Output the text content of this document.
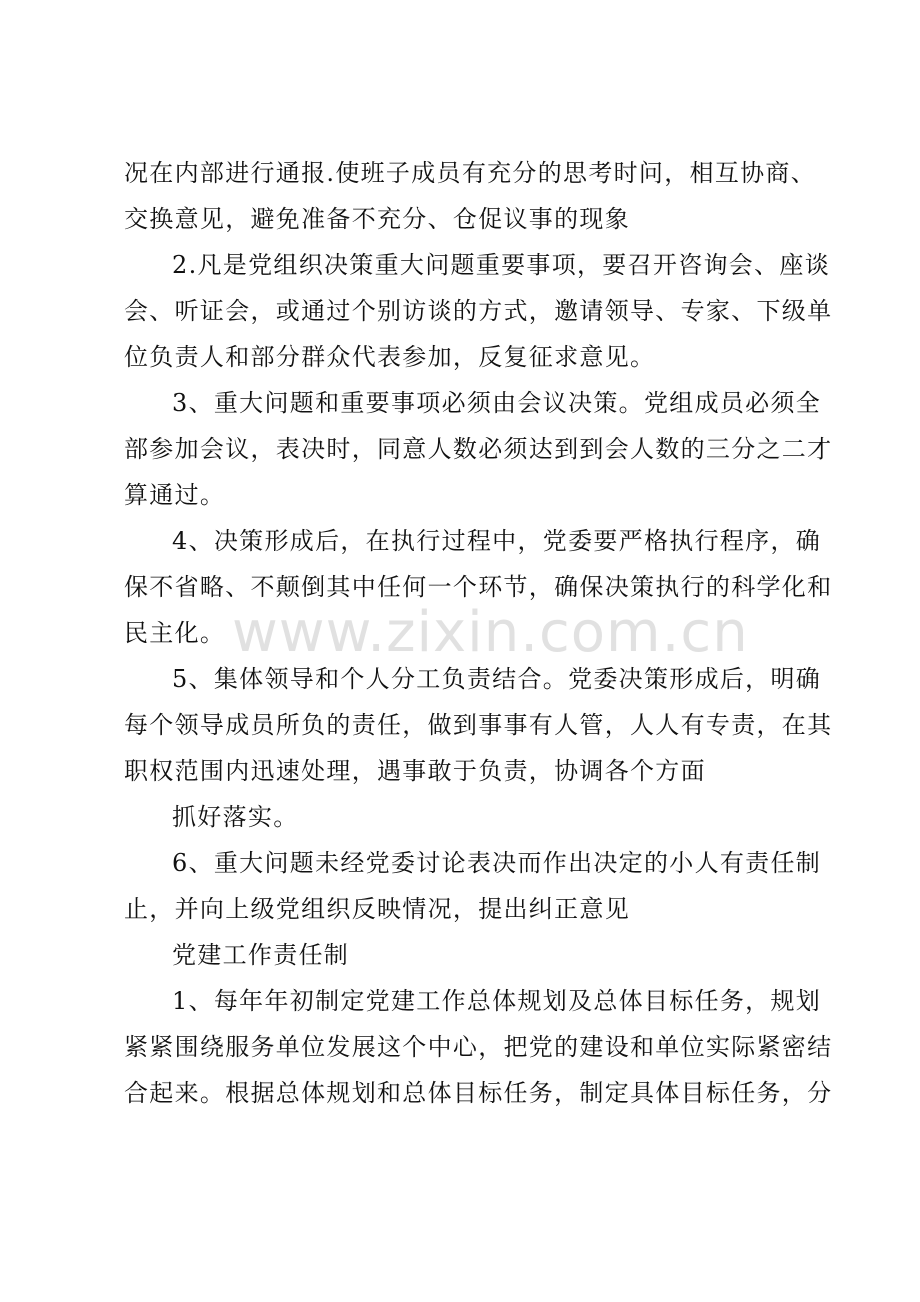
况在内部进行通报.使班子成员有充分的思考时问，相互协商、
交换意见，避免准备不充分、仓促议事的现象
2.凡是党组织决策重大问题重要事项，要召开咨询会、座谈
会、听证会，或通过个别访谈的方式，邀请领导、专家、下级单
位负责人和部分群众代表参加，反复征求意见。
3、重大问题和重要事项必须由会议决策。党组成员必须全
部参加会议，表决时，同意人数必须达到到会人数的三分之二才
算通过。
4、决策形成后，在执行过程中，党委要严格执行程序，确
保不省略、不颠倒其中任何一个环节，确保决策执行的科学化和
民主化。
5、集体领导和个人分工负责结合。党委决策形成后，明确
每个领导成员所负的责任，做到事事有人管，人人有专责，在其
职权范围内迅速处理，遇事敢于负责，协调各个方面
抓好落实。
6、重大问题未经党委讨论表决而作出决定的小人有责任制
止，并向上级党组织反映情况，提出纠正意见
党建工作责任制
1、每年年初制定党建工作总体规划及总体目标任务，规划
紧紧围绕服务单位发展这个中心，把党的建设和单位实际紧密结
合起来。根据总体规划和总体目标任务，制定具体目标任务，分
www.zixin.com.cn
